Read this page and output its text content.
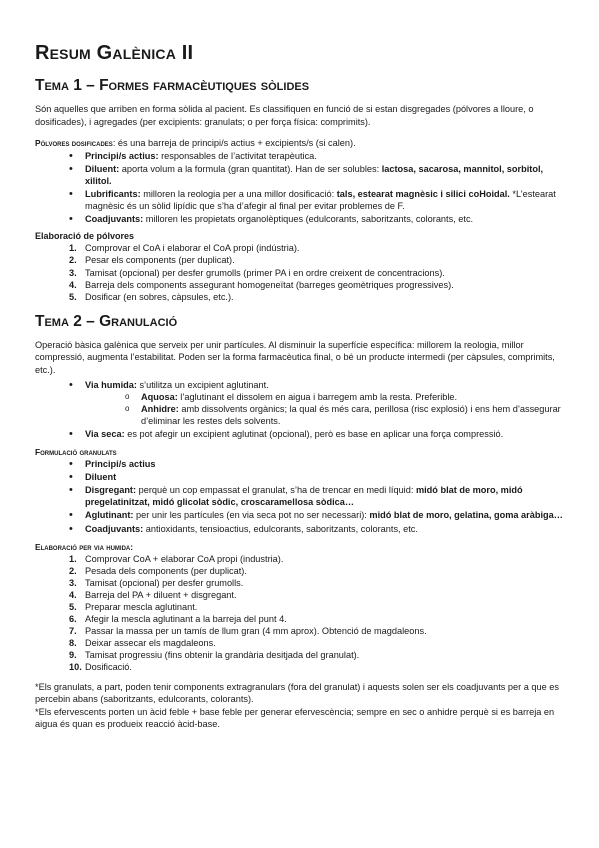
Resum Galènica II
Tema 1 – Formes farmacèutiques sòlides

Són aquelles que arriben en forma sòlida al pacient. Es classifiquen en funció de si estan disgregades (pólvores a lloure, o dosificades), i agregades (per excipients: granulats; o per força física: comprimits).

Pólvores dosificades: és una barreja de principi/s actius + excipients/s (si calen).

• Principi/s actius: responsables de l’activitat terapèutica.
• Diluent: aporta volum a la formula (gran quantitat). Han de ser solubles: lactosa, sacarosa, mannitol, sorbitol, xilitol.
• Lubrificants: milloren la reologia per a una millor dosificació: tals, estearat magnèsic i silici coHoidal. *L’estearat magnèsic és un sòlid lipídic que s’ha d’afegir al final per evitar problemes de F.
• Coadjuvants: milloren les propietats organolèptiques (edulcorants, saboritzants, colorants, etc.
Elaboració de pólvores
1. Comprovar el CoA i elaborar el CoA propi (indústria).
2. Pesar els components (per duplicat).
3. Tamisat (opcional) per desfer grumolls (primer PA i en ordre creixent de concentracions).
4. Barreja dels components assegurant homogeneïtat (barreges geomètriques progressives).
5. Dosificar (en sobres, càpsules, etc.).
Tema 2 – Granulació

Operació bàsica galènica que serveix per unir partícules. Al disminuir la superfície específica: millorem la reologia, millor compressió, augmenta l’estabilitat. Poden ser la forma farmacèutica final, o bé un producte intermedi (per càpsules, comprimits, etc.).

• Via humida: s’utilitza un excipient aglutinant.
o Aquosa: l’aglutinant el dissolem en aigua i barregem amb la resta. Preferible.
o Anhidre: amb dissolvents orgànics; la qual és més cara, perillosa (risc explosió) i ens hem d’assegurar d’eliminar les restes dels solvents.
• Via seca: es pot afegir un excipient aglutinat (opcional), però es base en aplicar una força compressió.
Formulació granulats
• Principi/s actius
• Diluent
• Disgregant: perquè un cop empassat el granulat, s’ha de trencar en medi líquid: midó blat de moro, midó pregelatinitzat, midó glicolat sòdic, croscaramellosa sòdica…
• Aglutinant: per unir les partícules (en via seca pot no ser necessari): midó blat de moro, gelatina, goma aràbiga…
• Coadjuvants: antioxidants, tensioactius, edulcorants, saboritzants, colorants, etc.
Elaboració per via humida:
1. Comprovar CoA + elaborar CoA propi (industria).
2. Pesada dels components (per duplicat).
3. Tamisat (opcional) per desfer grumolls.
4. Barreja del PA + diluent + disgregant.
5. Preparar mescla aglutinant.
6. Afegir la mescla aglutinant a la barreja del punt 4.
7. Passar la massa per un tamís de llum gran (4 mm aprox). Obtenció de magdaleons.
8. Deixar assecar els magdaleons.
9. Tamisat progressiu (fins obtenir la grandària desitjada del granulat).
10. Dosificació.

*Els granulats, a part, poden tenir components extragranulars (fora del granulat) i aquests solen ser els coadjuvants per a que es percebin abans (saboritzants, edulcorants, colorants).

*Els efervescents porten un àcid feble + base feble per generar efervescència; sempre en sec o anhidre perquè si es barreja en aigua és quan es produeix reacció àcid-base.
